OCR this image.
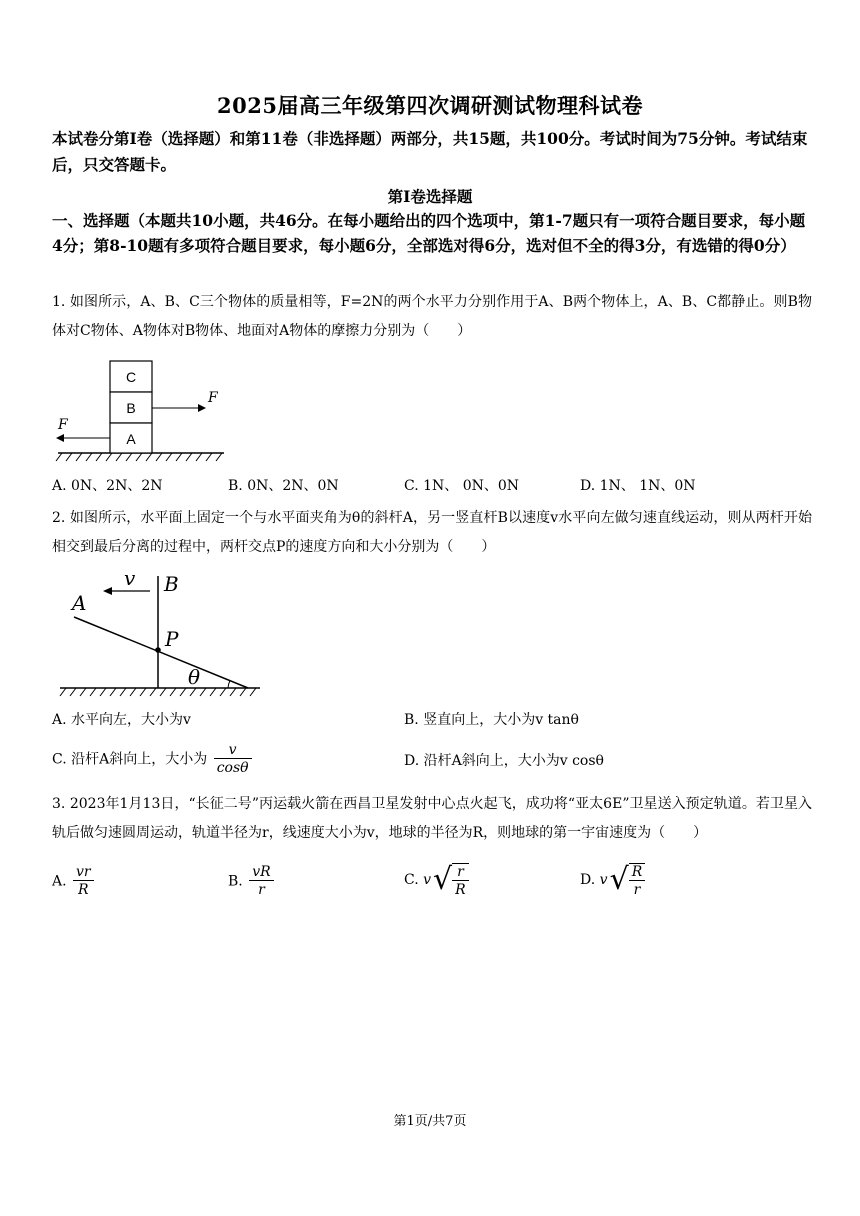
2025届高三年级第四次调研测试物理科试卷
本试卷分第I卷（选择题）和第11卷（非选择题）两部分，共15题，共100分。考试时间为75分钟。考试结束后，只交答题卡。
第I卷选择题
一、选择题（本题共10小题，共46分。在每小题给出的四个选项中，第1-7题只有一项符合题目要求，每小题4分；第8-10题有多项符合题目要求，每小题6分，全部选对得6分，选对但不全的得3分，有选错的得0分）
1. 如图所示，A、B、C三个物体的质量相等，F=2N的两个水平力分别作用于A、B两个物体上，A、B、C都静止。则B物体对C物体、A物体对B物体、地面对A物体的摩擦力分别为（　　）
C
B
A
F
F
A. 0N、2N、2N	B. 0N、2N、0N	C. 1N、 0N、0N	D. 1N、 1N、0N
2. 如图所示，水平面上固定一个与水平面夹角为θ的斜杆A，另一竖直杆B以速度v水平向左做匀速直线运动，则从两杆开始相交到最后分离的过程中，两杆交点P的速度方向和大小分别为（　　）
v B
A
P
θ
A. 水平向左，大小为v	B. 竖直向上，大小为v tanθ
C. 沿杆A斜向上，大小为 $\frac{v}{\cos\theta}$	D. 沿杆A斜向上，大小为v cosθ
3. 2023年1月13日，“长征二号”丙运载火箭在西昌卫星发射中心点火起飞，成功将“亚太6E”卫星送入预定轨道。若卫星入轨后做匀速圆周运动，轨道半径为r，线速度大小为v，地球的半径为R，则地球的第一宇宙速度为（　　）
A. $\frac{vr}{R}$	B. $\frac{vR}{r}$	C. v √ $\frac{r}{R}$	D. v √ $\frac{R}{r}$
第1页/共7页
